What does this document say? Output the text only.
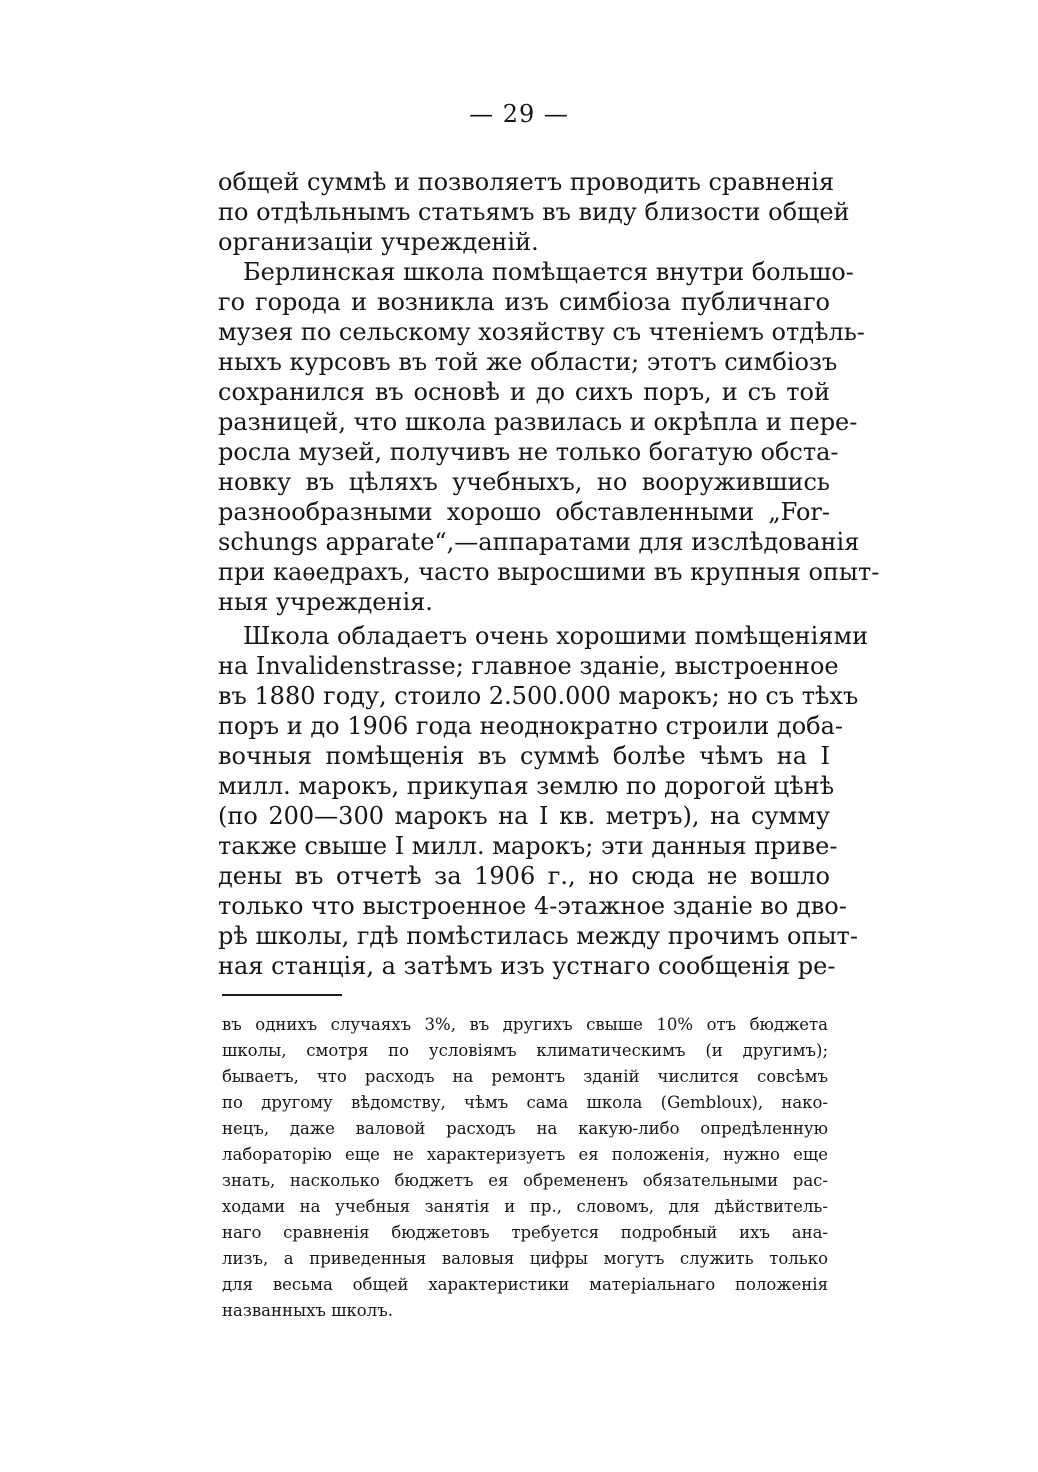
— 29 —
общей суммѣ и позволяетъ проводить сравненія
по отдѣльнымъ статьямъ въ виду близости общей
организаціи учрежденій.
Берлинская школа помѣщается внутри большо-
го города и возникла изъ симбіоза публичнаго
музея по сельскому хозяйству съ чтеніемъ отдѣль-
ныхъ курсовъ въ той же области; этотъ симбіозъ
сохранился въ основѣ и до сихъ поръ, и съ той
разницей, что школа развилась и окрѣпла и пере-
росла музей, получивъ не только богатую обста-
новку въ цѣляхъ учебныхъ, но вооружившись
разнообразными хорошо обставленными „For-
schungs apparate“,—аппаратами для изслѣдованія
при каѳедрахъ, часто выросшими въ крупныя опыт-
ныя учрежденія.
Школа обладаетъ очень хорошими помѣщеніями
на Invalidenstrasse; главное зданіе, выстроенное
въ 1880 году, стоило 2.500.000 марокъ; но съ тѣхъ
поръ и до 1906 года неоднократно строили доба-
вочныя помѣщенія въ суммѣ болѣе чѣмъ на I
милл. марокъ, прикупая землю по дорогой цѣнѣ
(по 200—300 марокъ на I кв. метръ), на сумму
также свыше I милл. марокъ; эти данныя приве-
дены въ отчетѣ за 1906 г., но сюда не вошло
только что выстроенное 4-этажное зданіе во дво-
рѣ школы, гдѣ помѣстилась между прочимъ опыт-
ная станція, а затѣмъ изъ устнаго сообщенія ре-
въ однихъ случаяхъ 3%, въ другихъ свыше 10% отъ бюджета
школы, смотря по условіямъ климатическимъ (и другимъ);
бываетъ, что расходъ на ремонтъ зданій числится совсѣмъ
по другому вѣдомству, чѣмъ сама школа (Gembloux), нако-
нецъ, даже валовой расходъ на какую-либо опредѣленную
лабораторію еще не характеризуетъ ея положенія, нужно еще
знать, насколько бюджетъ ея обремененъ обязательными рас-
ходами на учебныя занятія и пр., словомъ, для дѣйствитель-
наго сравненія бюджетовъ требуется подробный ихъ ана-
лизъ, а приведенныя валовыя цифры могутъ служить только
для весьма общей характеристики матеріальнаго положенія
названныхъ школъ.
